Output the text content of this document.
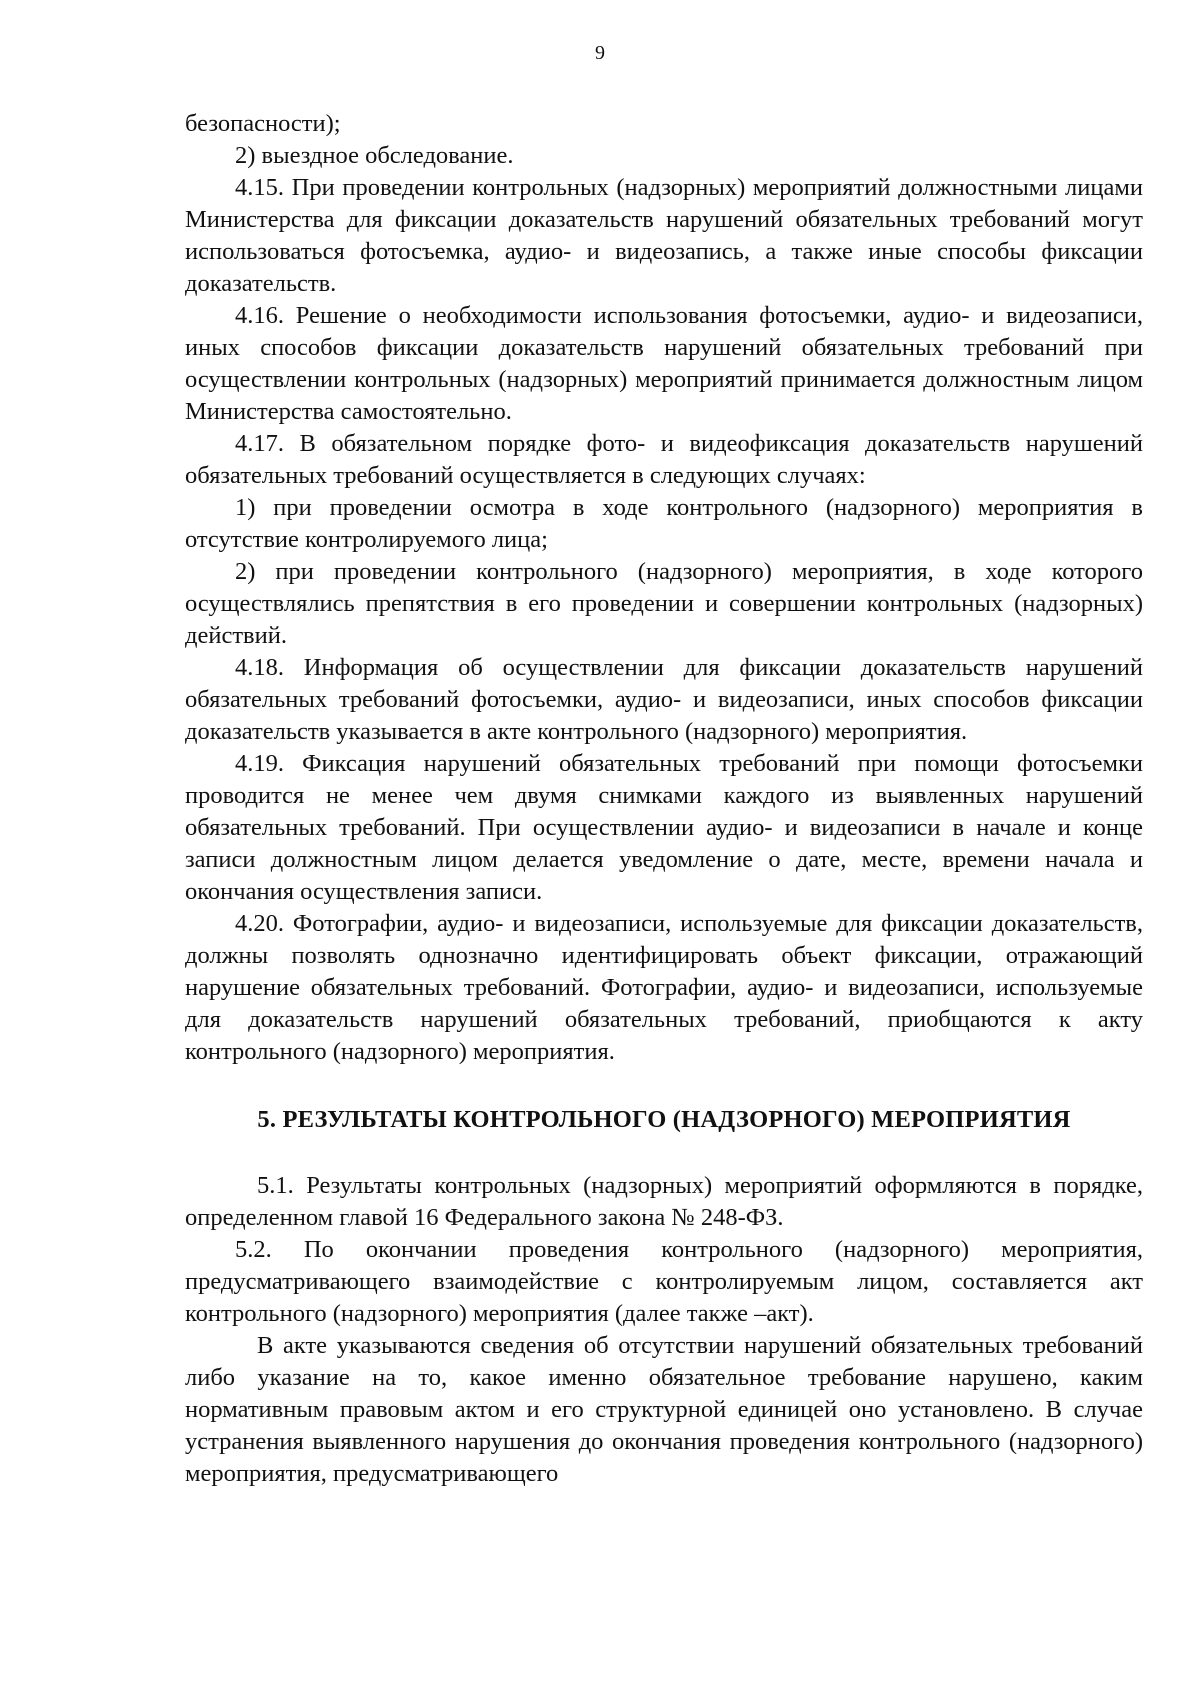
9

безопасности);

2) выездное обследование.

4.15. При проведении контрольных (надзорных) мероприятий должностными лицами Министерства для фиксации доказательств нарушений обязательных требований могут использоваться фотосъемка, аудио- и видеозапись, а также иные способы фиксации доказательств.

4.16. Решение о необходимости использования фотосъемки, аудио- и видеозаписи, иных способов фиксации доказательств нарушений обязательных требований при осуществлении контрольных (надзорных) мероприятий принимается должностным лицом Министерства самостоятельно.

4.17. В обязательном порядке фото- и видеофиксация доказательств нарушений обязательных требований осуществляется в следующих случаях:

1) при проведении осмотра в ходе контрольного (надзорного) мероприятия в отсутствие контролируемого лица;

2) при проведении контрольного (надзорного) мероприятия, в ходе которого осуществлялись препятствия в его проведении и совершении контрольных (надзорных) действий.

4.18. Информация об осуществлении для фиксации доказательств нарушений обязательных требований фотосъемки, аудио- и видеозаписи, иных способов фиксации доказательств указывается в акте контрольного (надзорного) мероприятия.

4.19. Фиксация нарушений обязательных требований при помощи фотосъемки проводится не менее чем двумя снимками каждого из выявленных нарушений обязательных требований. При осуществлении аудио- и видеозаписи в начале и конце записи должностным лицом делается уведомление о дате, месте, времени начала и окончания осуществления записи.

4.20. Фотографии, аудио- и видеозаписи, используемые для фиксации доказательств, должны позволять однозначно идентифицировать объект фиксации, отражающий нарушение обязательных требований. Фотографии, аудио- и видеозаписи, используемые для доказательств нарушений обязательных требований, приобщаются к акту контрольного (надзорного) мероприятия.

5. РЕЗУЛЬТАТЫ КОНТРОЛЬНОГО (НАДЗОРНОГО) МЕРОПРИЯТИЯ

5.1. Результаты контрольных (надзорных) мероприятий оформляются в порядке, определенном главой 16 Федерального закона № 248-ФЗ.

5.2. По окончании проведения контрольного (надзорного) мероприятия, предусматривающего взаимодействие с контролируемым лицом, составляется акт контрольного (надзорного) мероприятия (далее также –акт).

В акте указываются сведения об отсутствии нарушений обязательных требований либо указание на то, какое именно обязательное требование нарушено, каким нормативным правовым актом и его структурной единицей оно установлено. В случае устранения выявленного нарушения до окончания проведения контрольного (надзорного) мероприятия, предусматривающего
